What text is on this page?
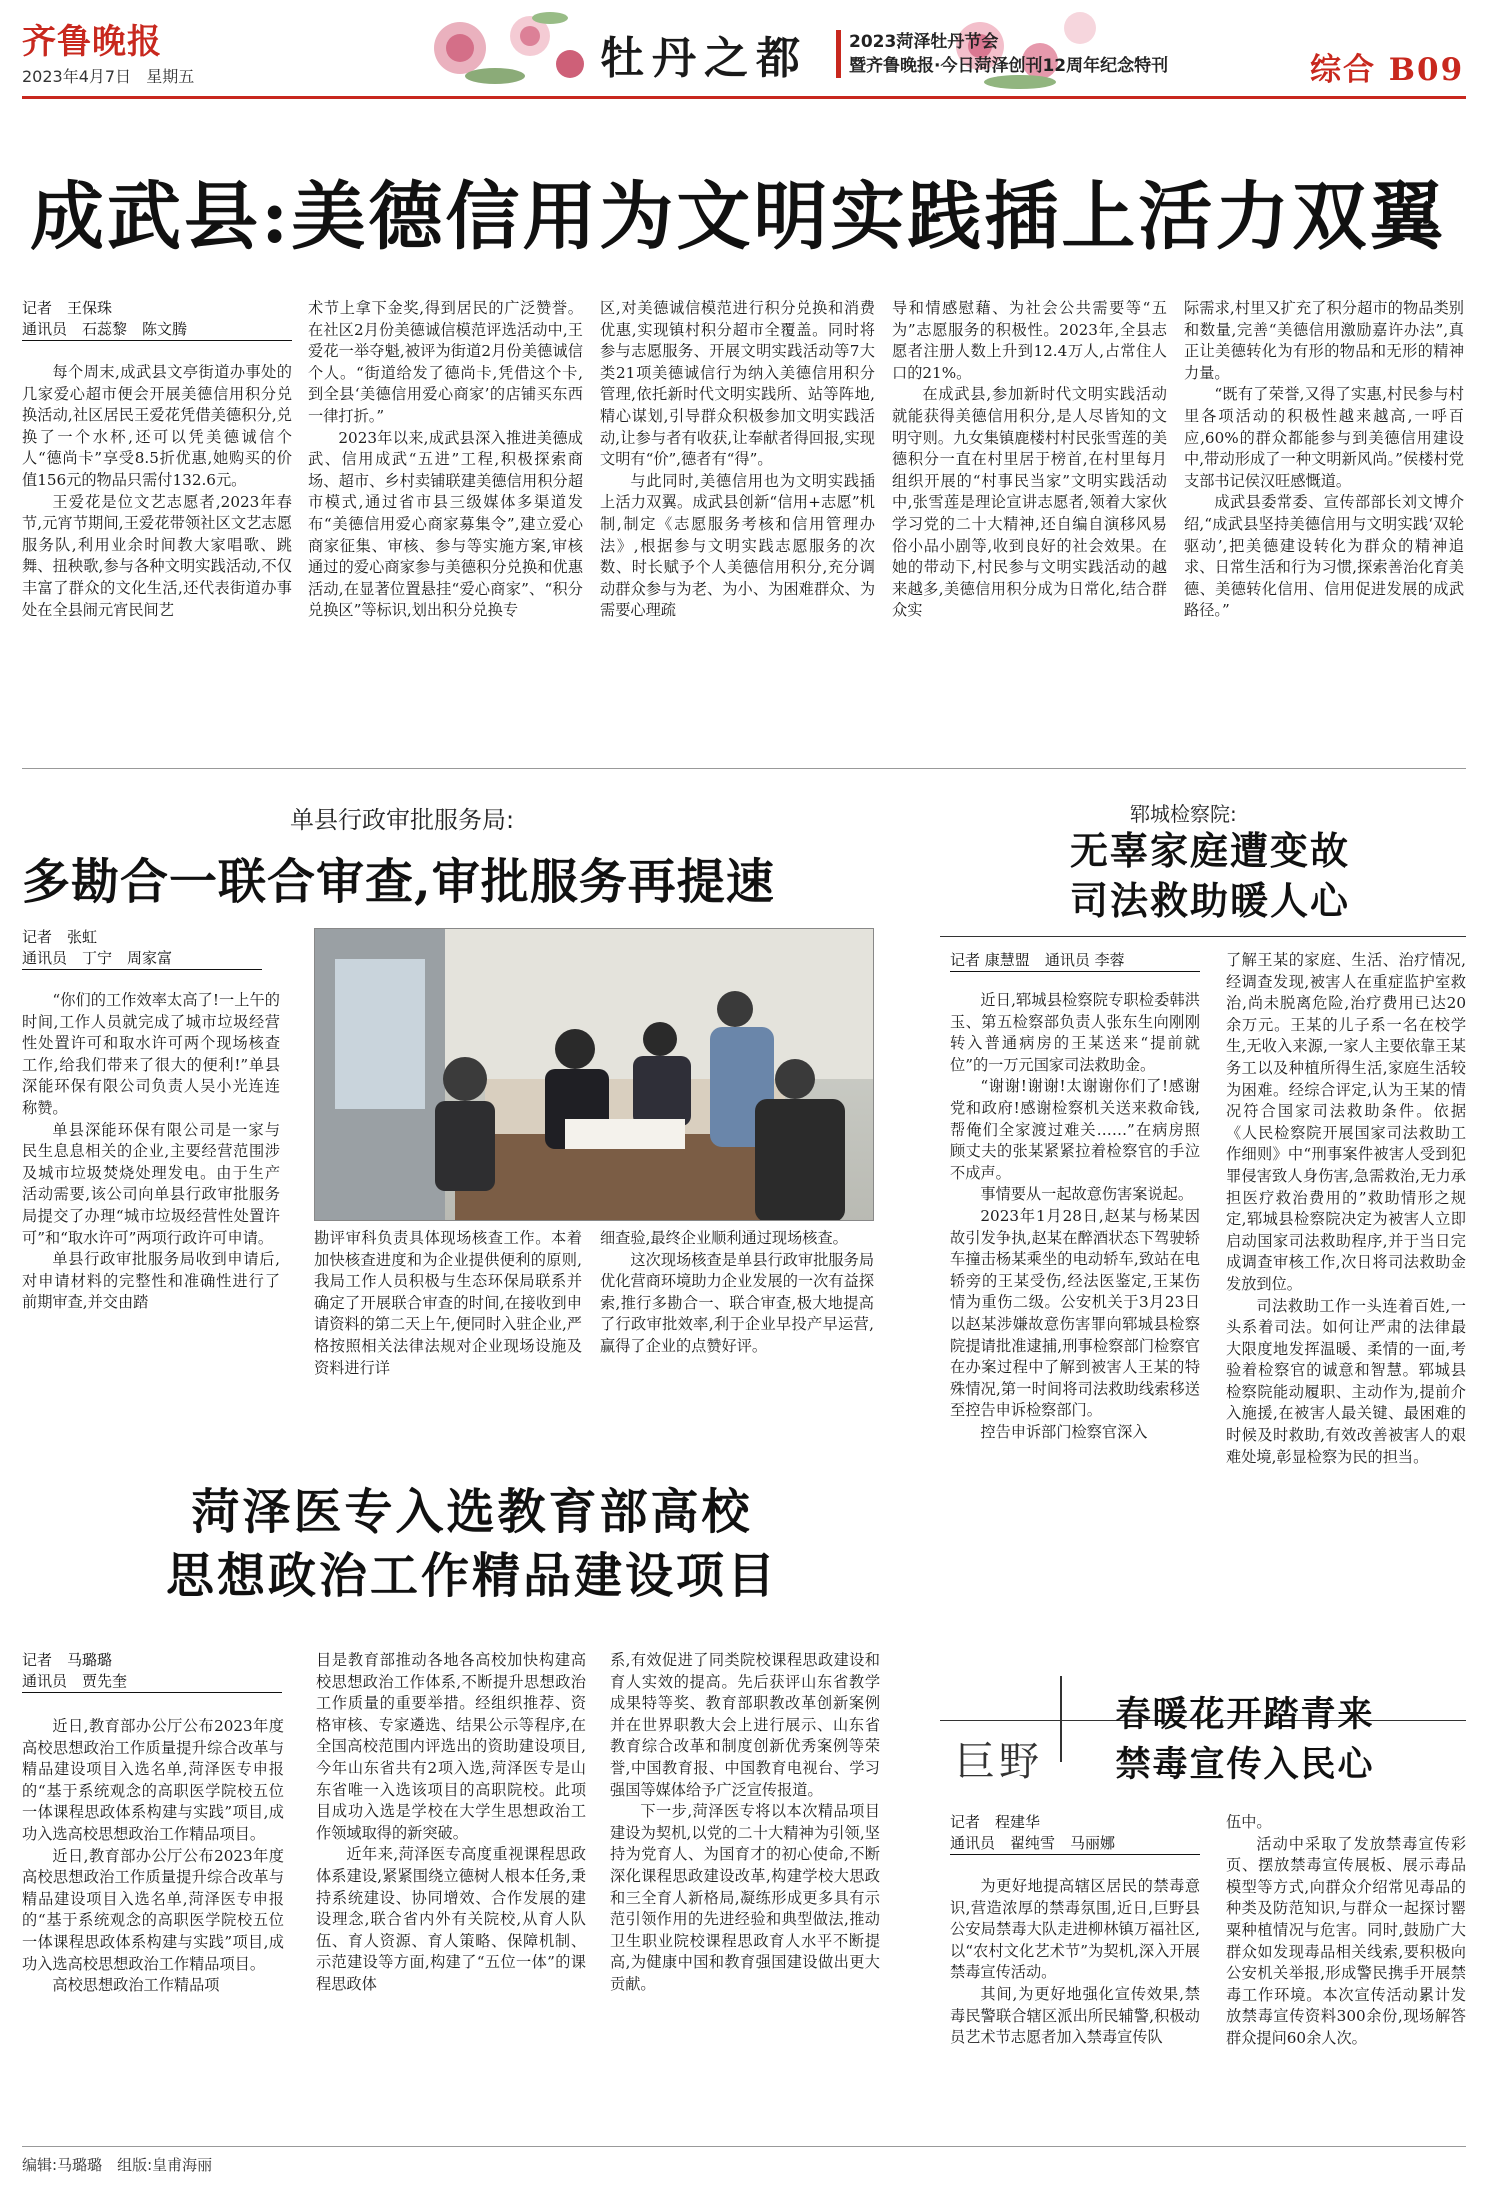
齐鲁晚报
2023年4月7日 星期五	牡丹之都 2023菏泽牡丹节会
暨齐鲁晚报·今日菏泽创刊12周年纪念特刊	综合 B09
成武县:美德信用为文明实践插上活力双翼
记者　 王保珠
通讯员　 石蕊黎　陈文腾

每个周末,成武县文亭街道办事处的几家爱心超市便会开展美德信用积分兑换活动,社区居民王爱花凭借美德积分,兑换了一个水杯,还可以凭美德诚信个人“德尚卡”享受8.5折优惠,她购买的价值156元的物品只需付132.6元。

王爱花是位文艺志愿者,2023年春节,元宵节期间,王爱花带领社区文艺志愿服务队,利用业余时间教大家唱歌、跳舞、扭秧歌,参与各种文明实践活动,不仅丰富了群众的文化生活,还代表街道办事处在全县闹元宵民间艺

术节上拿下金奖,得到居民的广泛赞誉。在社区2月份美德诚信模范评选活动中,王爱花一举夺魁,被评为街道2月份美德诚信个人。“街道给发了德尚卡,凭借这个卡,到全县‘美德信用爱心商家’的店铺买东西一律打折。”

2023年以来,成武县深入推进美德成武、信用成武“五进”工程,积极探索商场、超市、乡村卖铺联建美德信用积分超市模式,通过省市县三级媒体多渠道发布“美德信用爱心商家募集令”,建立爱心商家征集、审核、参与等实施方案,审核通过的爱心商家参与美德积分兑换和优惠活动,在显著位置悬挂“爱心商家”、“积分兑换区”等标识,划出积分兑换专

区,对美德诚信模范进行积分兑换和消费优惠,实现镇村积分超市全覆盖。同时将参与志愿服务、开展文明实践活动等7大类21项美德诚信行为纳入美德信用积分管理,依托新时代文明实践所、站等阵地,精心谋划,引导群众积极参加文明实践活动,让参与者有收获,让奉献者得回报,实现文明有“价”,德者有“得”。

与此同时,美德信用也为文明实践插上活力双翼。成武县创新“信用+志愿”机制,制定《志愿服务考核和信用管理办法》,根据参与文明实践志愿服务的次数、时长赋予个人美德信用积分,充分调动群众参与为老、为小、为困难群众、为需要心理疏

导和情感慰藉、为社会公共需要等“五为”志愿服务的积极性。2023年,全县志愿者注册人数上升到12.4万人,占常住人口的21%。

在成武县,参加新时代文明实践活动就能获得美德信用积分,是人尽皆知的文明守则。九女集镇鹿楼村村民张雪莲的美德积分一直在村里居于榜首,在村里每月组织开展的“村事民当家”文明实践活动中,张雪莲是理论宣讲志愿者,领着大家伙学习党的二十大精神,还自编自演移风易俗小品小剧等,收到良好的社会效果。在她的带动下,村民参与文明实践活动的越来越多,美德信用积分成为日常化,结合群众实

际需求,村里又扩充了积分超市的物品类别和数量,完善“美德信用激励嘉许办法”,真正让美德转化为有形的物品和无形的精神力量。

“既有了荣誉,又得了实惠,村民参与村里各项活动的积极性越来越高,一呼百应,60%的群众都能参与到美德信用建设中,带动形成了一种文明新风尚。”侯楼村党支部书记侯汉旺感慨道。

成武县委常委、宣传部部长刘文博介绍,“成武县坚持美德信用与文明实践‘双轮驱动’,把美德建设转化为群众的精神追求、日常生活和行为习惯,探索善治化育美德、美德转化信用、信用促进发展的成武路径。”

单县行政审批服务局:
多勘合一联合审查,审批服务再提速
记者　 张虹
通讯员　 丁宁　周家富

“你们的工作效率太高了!一上午的时间,工作人员就完成了城市垃圾经营性处置许可和取水许可两个现场核查工作,给我们带来了很大的便利!”单县深能环保有限公司负责人吴小光连连称赞。

单县深能环保有限公司是一家与民生息息相关的企业,主要经营范围涉及城市垃圾焚烧处理发电。由于生产活动需要,该公司向单县行政审批服务局提交了办理“城市垃圾经营性处置许可”和“取水许可”两项行政许可申请。

单县行政审批服务局收到申请后,对申请材料的完整性和准确性进行了前期审查,并交由踏

勘评审科负责具体现场核查工作。本着加快核查进度和为企业提供便利的原则,我局工作人员积极与生态环保局联系并确定了开展联合审查的时间,在接收到申请资料的第二天上午,便同时入驻企业,严格按照相关法律法规对企业现场设施及资料进行详

细查验,最终企业顺利通过现场核查。

这次现场核查是单县行政审批服务局优化营商环境助力企业发展的一次有益探索,推行多勘合一、联合审查,极大地提高了行政审批效率,利于企业早投产早运营,赢得了企业的点赞好评。

郓城检察院:
无辜家庭遭变故
司法救助暖人心
记者 康慧盟　 通讯员 李蓉

近日,郓城县检察院专职检委韩洪玉、第五检察部负责人张东生向刚刚转入普通病房的王某送来“提前就位”的一万元国家司法救助金。

“谢谢!谢谢!太谢谢你们了!感谢党和政府!感谢检察机关送来救命钱,帮俺们全家渡过难关……”在病房照顾丈夫的张某紧紧拉着检察官的手泣不成声。

事情要从一起故意伤害案说起。

2023年1月28日,赵某与杨某因故引发争执,赵某在醉酒状态下驾驶轿车撞击杨某乘坐的电动轿车,致站在电轿旁的王某受伤,经法医鉴定,王某伤情为重伤二级。公安机关于3月23日以赵某涉嫌故意伤害罪向郓城县检察院提请批准逮捕,刑事检察部门检察官在办案过程中了解到被害人王某的特殊情况,第一时间将司法救助线索移送至控告申诉检察部门。

控告申诉部门检察官深入

了解王某的家庭、生活、治疗情况,经调查发现,被害人在重症监护室救治,尚未脱离危险,治疗费用已达20余万元。王某的儿子系一名在校学生,无收入来源,一家人主要依靠王某务工以及种植所得生活,家庭生活较为困难。经综合评定,认为王某的情况符合国家司法救助条件。依据《人民检察院开展国家司法救助工作细则》中“刑事案件被害人受到犯罪侵害致人身伤害,急需救治,无力承担医疗救治费用的”救助情形之规定,郓城县检察院决定为被害人立即启动国家司法救助程序,并于当日完成调查审核工作,次日将司法救助金发放到位。

司法救助工作一头连着百姓,一头系着司法。如何让严肃的法律最大限度地发挥温暖、柔情的一面,考验着检察官的诚意和智慧。郓城县检察院能动履职、主动作为,提前介入施援,在被害人最关键、最困难的时候及时救助,有效改善被害人的艰难处境,彰显检察为民的担当。

菏泽医专入选教育部高校
思想政治工作精品建设项目
记者　 马璐璐
通讯员　 贾先奎

近日,教育部办公厅公布2023年度高校思想政治工作质量提升综合改革与精品建设项目入选名单,菏泽医专申报的“基于系统观念的高职医学院校五位一体课程思政体系构建与实践”项目,成功入选高校思想政治工作精品项目。

近日,教育部办公厅公布2023年度高校思想政治工作质量提升综合改革与精品建设项目入选名单,菏泽医专申报的“基于系统观念的高职医学院校五位一体课程思政体系构建与实践”项目,成功入选高校思想政治工作精品项目。

高校思想政治工作精品项

目是教育部推动各地各高校加快构建高校思想政治工作体系,不断提升思想政治工作质量的重要举措。经组织推荐、资格审核、专家遴选、结果公示等程序,在全国高校范围内评选出的资助建设项目,今年山东省共有2项入选,菏泽医专是山东省唯一入选该项目的高职院校。此项目成功入选是学校在大学生思想政治工作领域取得的新突破。

近年来,菏泽医专高度重视课程思政体系建设,紧紧围绕立德树人根本任务,秉持系统建设、协同增效、合作发展的建设理念,联合省内外有关院校,从育人队伍、育人资源、育人策略、保障机制、示范建设等方面,构建了“五位一体”的课程思政体

系,有效促进了同类院校课程思政建设和育人实效的提高。先后获评山东省教学成果特等奖、教育部职教改革创新案例并在世界职教大会上进行展示、山东省教育综合改革和制度创新优秀案例等荣誉,中国教育报、中国教育电视台、学习强国等媒体给予广泛宣传报道。

下一步,菏泽医专将以本次精品项目建设为契机,以党的二十大精神为引领,坚持为党育人、为国育才的初心使命,不断深化课程思政建设改革,构建学校大思政和三全育人新格局,凝练形成更多具有示范引领作用的先进经验和典型做法,推动卫生职业院校课程思政育人水平不断提高,为健康中国和教育强国建设做出更大贡献。

巨野
春暖花开踏青来
禁毒宣传入民心
记者　 程建华
通讯员　 翟纯雪　马丽娜

为更好地提高辖区居民的禁毒意识,营造浓厚的禁毒氛围,近日,巨野县公安局禁毒大队走进柳林镇万福社区,以“农村文化艺术节”为契机,深入开展禁毒宣传活动。

其间,为更好地强化宣传效果,禁毒民警联合辖区派出所民辅警,积极动员艺术节志愿者加入禁毒宣传队

伍中。

活动中采取了发放禁毒宣传彩页、摆放禁毒宣传展板、展示毒品模型等方式,向群众介绍常见毒品的种类及防范知识,与群众一起探讨罂粟种植情况与危害。同时,鼓励广大群众如发现毒品相关线索,要积极向公安机关举报,形成警民携手开展禁毒工作环境。本次宣传活动累计发放禁毒宣传资料300余份,现场解答群众提问60余人次。

编辑:马璐璐　 组版:皇甫海丽
